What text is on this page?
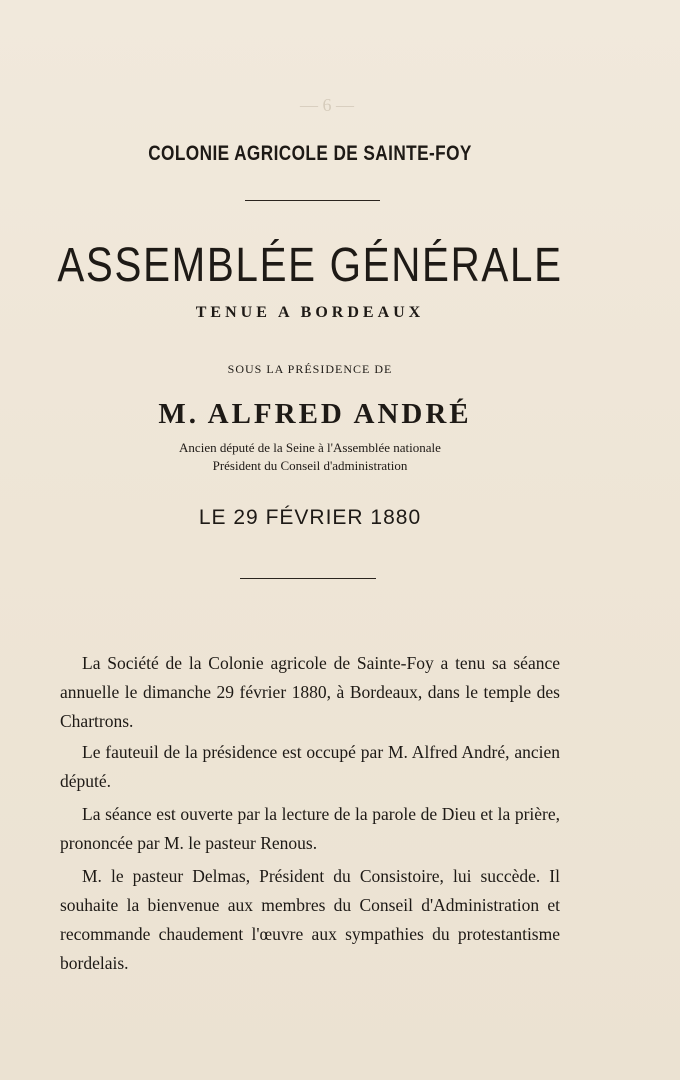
— 6 —
COLONIE AGRICOLE DE SAINTE-FOY
ASSEMBLÉE GÉNÉRALE
TENUE A BORDEAUX
SOUS LA PRÉSIDENCE DE
M. ALFRED ANDRÉ
Ancien député de la Seine à l'Assemblée nationale
Président du Conseil d'administration
LE 29 FÉVRIER 1880

La Société de la Colonie agricole de Sainte-Foy a tenu sa séance annuelle le dimanche 29 février 1880, à Bordeaux, dans le temple des Chartrons.

Le fauteuil de la présidence est occupé par M. Alfred André, ancien député.

La séance est ouverte par la lecture de la parole de Dieu et la prière, prononcée par M. le pasteur Renous.

M. le pasteur Delmas, Président du Consistoire, lui succède. Il souhaite la bienvenue aux membres du Conseil d'Administration et recommande chaudement l'œuvre aux sympathies du protestantisme bordelais.
